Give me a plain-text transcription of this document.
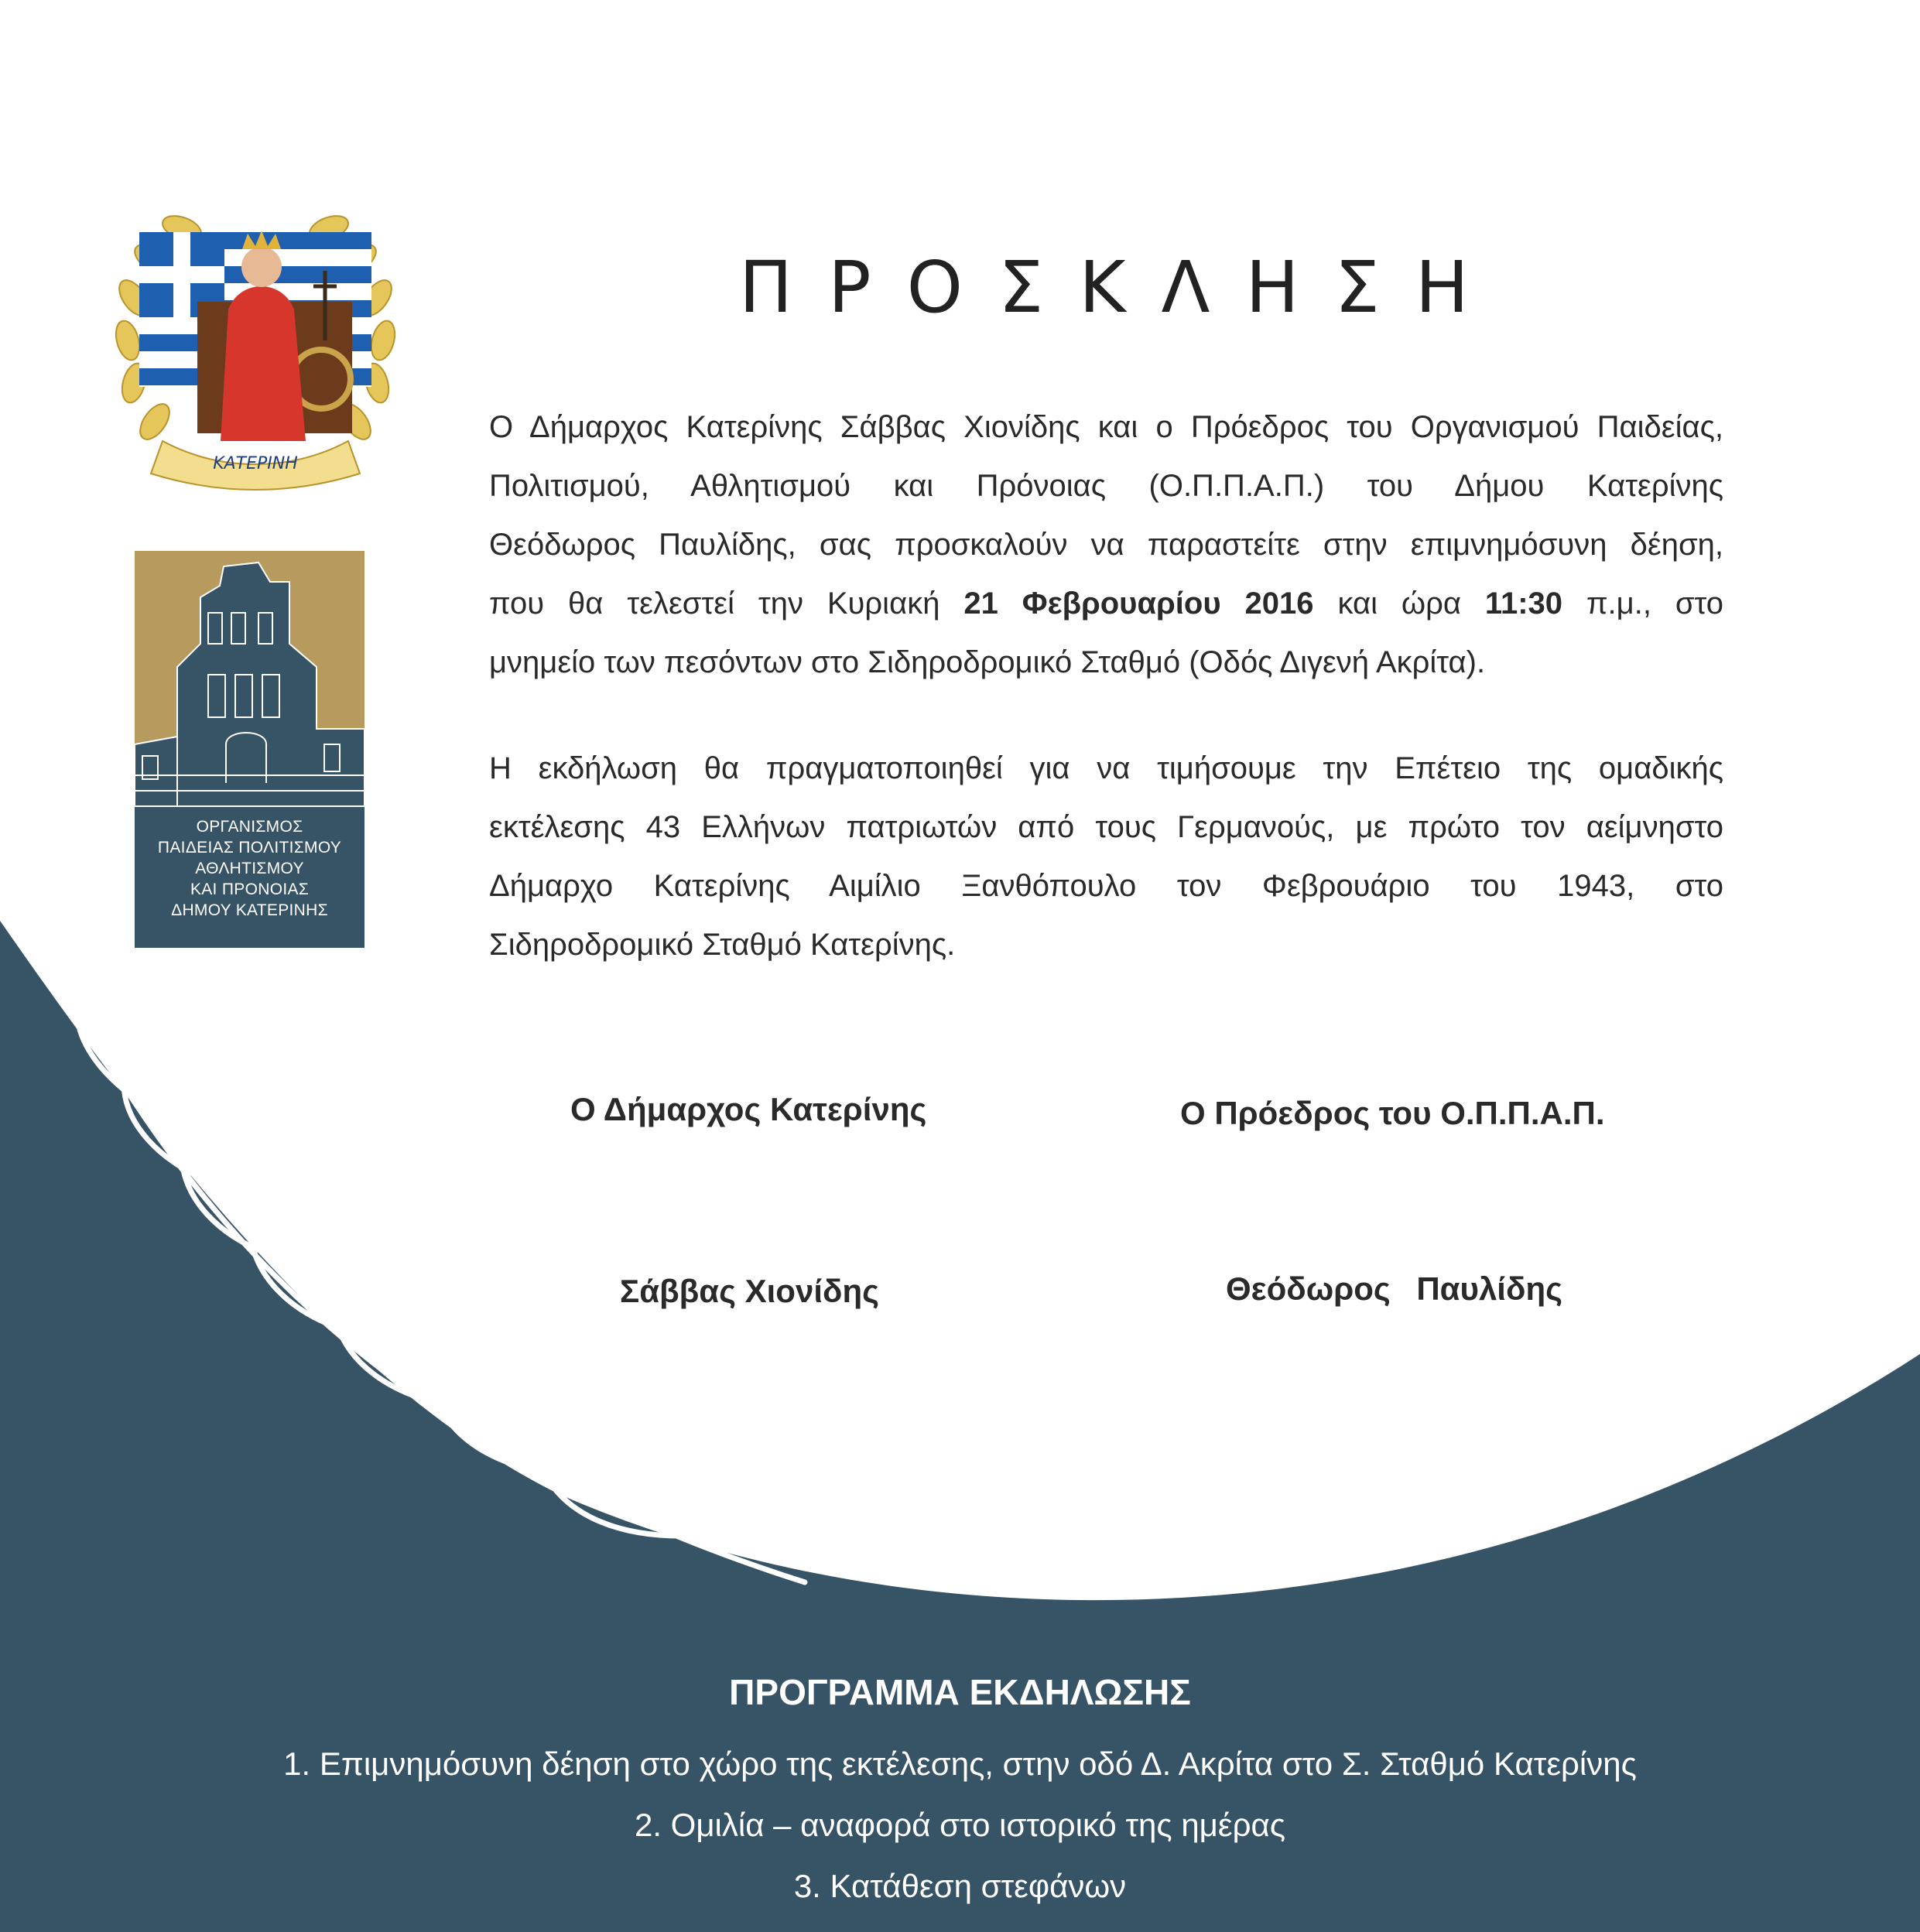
ΚΑΤΕΡΙΝΗ
ΟΡΓΑΝΙΣΜΟΣ
ΠΑΙΔΕΙΑΣ ΠΟΛΙΤΙΣΜΟΥ
ΑΘΛΗΤΙΣΜΟΥ
ΚΑΙ ΠΡΟΝΟΙΑΣ
ΔΗΜΟΥ ΚΑΤΕΡΙΝΗΣ
ΠΡΟΣΚΛΗΣΗ
Ο Δήμαρχος Κατερίνης Σάββας Χιονίδης και ο Πρόεδρος του Οργανισμού Παιδείας,
Πολιτισμού, Αθλητισμού και Πρόνοιας (Ο.Π.Π.Α.Π.) του Δήμου Κατερίνης
Θεόδωρος Παυλίδης, σας προσκαλούν να παραστείτε στην επιμνημόσυνη δέηση,
που θα τελεστεί την Κυριακή 21 Φεβρουαρίου 2016 και ώρα 11:30 π.μ., στο
μνημείο των πεσόντων στο Σιδηροδρομικό Σταθμό (Οδός Διγενή Ακρίτα).
Η εκδήλωση θα πραγματοποιηθεί για να τιμήσουμε την Επέτειο της ομαδικής
εκτέλεσης 43 Ελλήνων πατριωτών από τους Γερμανούς, με πρώτο τον αείμνηστο
Δήμαρχο Κατερίνης Αιμίλιο Ξανθόπουλο τον Φεβρουάριο του 1943, στο
Σιδηροδρομικό Σταθμό Κατερίνης.
Ο Δήμαρχος Κατερίνης	Ο Πρόεδρος του Ο.Π.Π.Α.Π.
Σάββας Χιονίδης	Θεόδωρος Παυλίδης
ΠΡΟΓΡΑΜΜΑ ΕΚΔΗΛΩΣΗΣ
1. Επιμνημόσυνη δέηση στο χώρο της εκτέλεσης, στην οδό Δ. Ακρίτα στο Σ. Σταθμό Κατερίνης
2. Ομιλία – αναφορά στο ιστορικό της ημέρας
3. Κατάθεση στεφάνων
